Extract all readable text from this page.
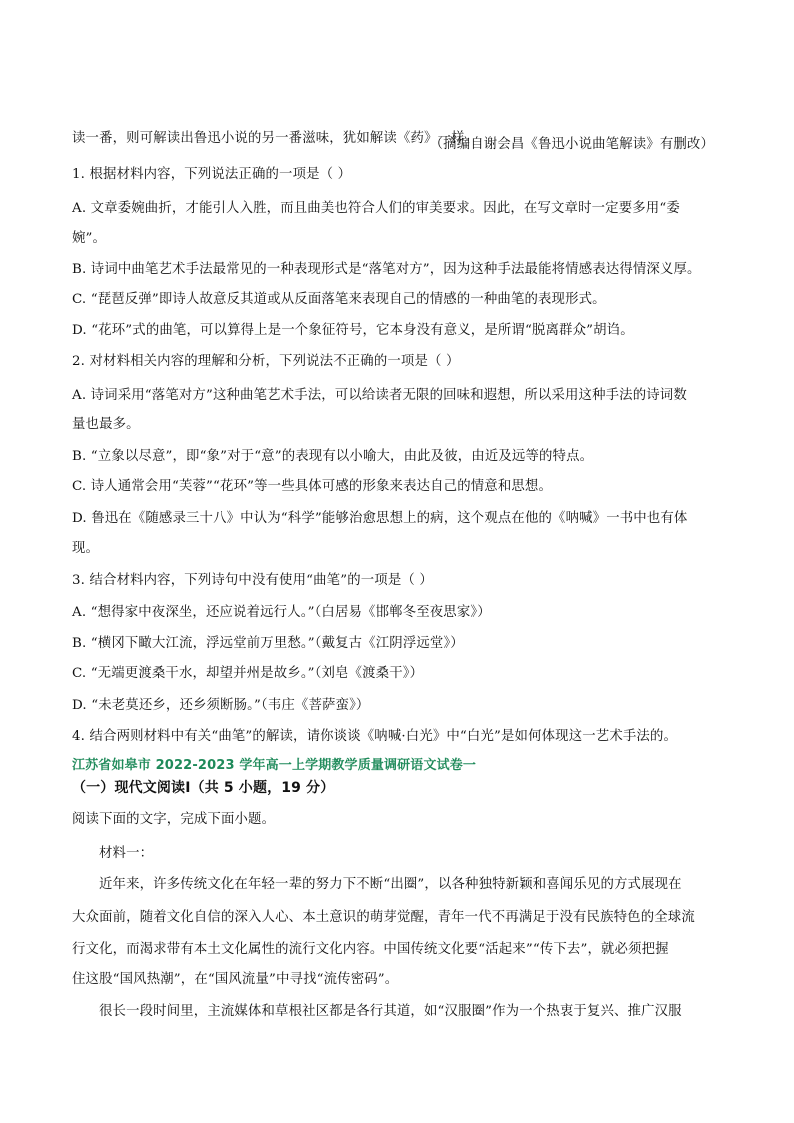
读一番，则可解读出鲁迅小说的另一番滋味，犹如解读《药》一样。

（摘编自谢会昌《鲁迅小说曲笔解读》有删改）

1. 根据材料内容，下列说法正确的一项是（ ）

A. 文章委婉曲折，才能引人入胜，而且曲美也符合人们的审美要求。因此，在写文章时一定要多用“委

婉”。

B. 诗词中曲笔艺术手法最常见的一种表现形式是“落笔对方”，因为这种手法最能将情感表达得情深义厚。

C. “琵琶反弹”即诗人故意反其道或从反面落笔来表现自己的情感的一种曲笔的表现形式。

D. “花环”式的曲笔，可以算得上是一个象征符号，它本身没有意义，是所谓“脱离群众”胡诌。

2. 对材料相关内容的理解和分析，下列说法不正确的一项是（ ）

A. 诗词采用“落笔对方”这种曲笔艺术手法，可以给读者无限的回味和遐想，所以采用这种手法的诗词数

量也最多。

B. “立象以尽意”，即“象”对于“意”的表现有以小喻大，由此及彼，由近及远等的特点。

C. 诗人通常会用“芙蓉”“花环”等一些具体可感的形象来表达自己的情意和思想。

D. 鲁迅在《随感录三十八》中认为“科学”能够治愈思想上的病，这个观点在他的《呐喊》一书中也有体

现。

3. 结合材料内容，下列诗句中没有使用“曲笔”的一项是（ ）

A. “想得家中夜深坐，还应说着远行人。”（白居易《邯郸冬至夜思家》）

B. “横冈下瞰大江流，浮远堂前万里愁。”（戴复古《江阴浮远堂》）

C. “无端更渡桑干水，却望并州是故乡。”（刘皂《渡桑干》）

D. “未老莫还乡，还乡须断肠。”（韦庄《菩萨蛮》）

4. 结合两则材料中有关“曲笔”的解读，请你谈谈《呐喊·白光》中“白光”是如何体现这一艺术手法的。

江苏省如皋市 2022-2023 学年高一上学期教学质量调研语文试卷一

（一）现代文阅读Ⅰ（共 5 小题，19 分）

阅读下面的文字，完成下面小题。

材料一：

近年来，许多传统文化在年轻一辈的努力下不断“出圈”，以各种独特新颖和喜闻乐见的方式展现在

大众面前，随着文化自信的深入人心、本土意识的萌芽觉醒，青年一代不再满足于没有民族特色的全球流

行文化，而渴求带有本土文化属性的流行文化内容。中国传统文化要“活起来”“传下去”，就必须把握

住这股“国风热潮”，在“国风流量”中寻找“流传密码”。

很长一段时间里，主流媒体和草根社区都是各行其道，如“汉服圈”作为一个热衷于复兴、推广汉服
